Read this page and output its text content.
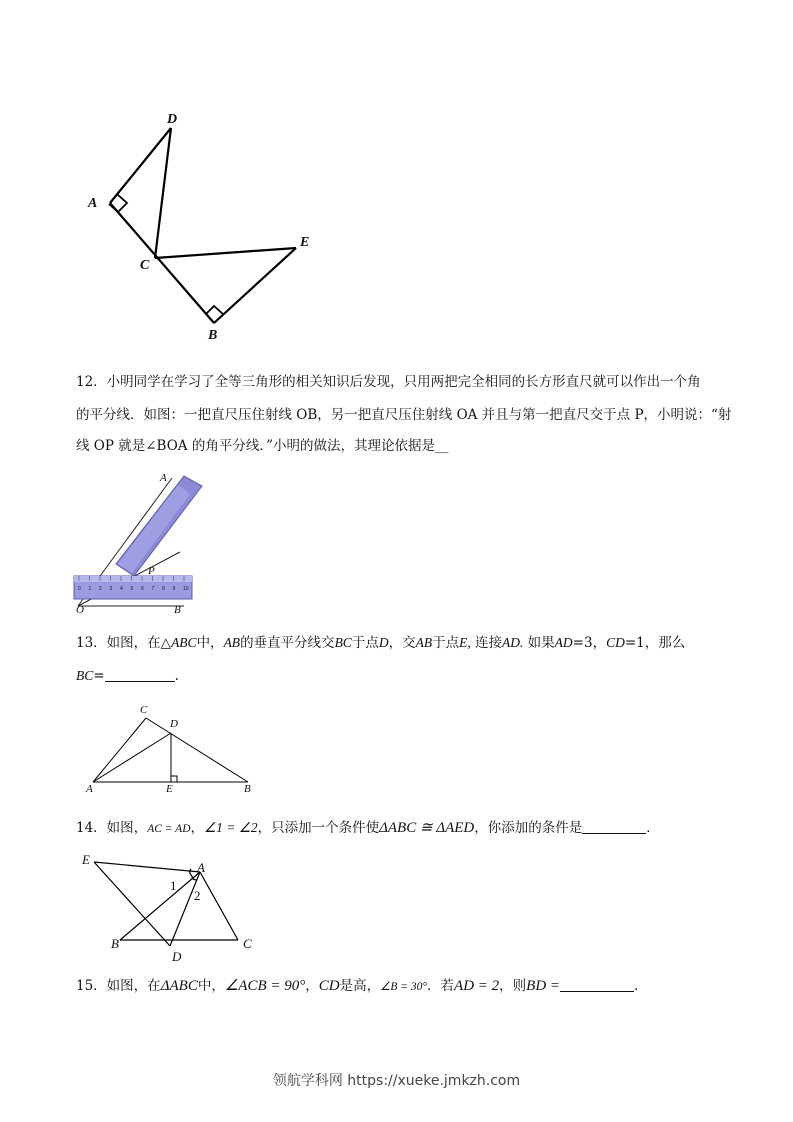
D
A
C
E
B
12．小明同学在学习了全等三角形的相关知识后发现，只用两把完全相同的长方形直尺就可以作出一个角
的平分线．如图：一把直尺压住射线 OB，另一把直尺压住射线 OA 并且与第一把直尺交于点 P，小明说：“射
线 OP 就是∠BOA 的角平分线．”小明的做法，其理论依据是__
0 1 2 3 4 5 6 7 8 9 10
A
P
O	B
13．如图，在△ABC中，AB的垂直平分线交BC于点D，交AB于点E, 连接AD. 如果AD=3，CD=1，那么
BC=	.
C
D
A	E	B
14．如图，AC = AD，∠1 = ∠2，只添加一个条件使ΔABC ≅ ΔAED，你添加的条件是	．
E
A
1
2
B
D
C
15．如图，在ΔABC中，∠ACB = 90°，CD是高，∠B = 30°．若AD = 2，则BD =	．
领航学科网 https://xueke.jmkzh.com
